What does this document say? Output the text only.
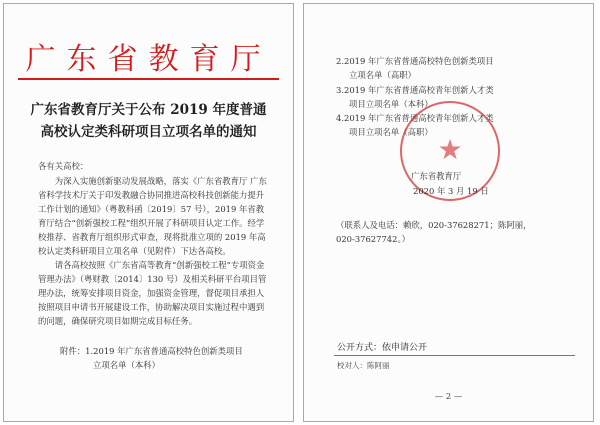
广东省教育厅
广东省教育厅关于公布 2019 年度普通
高校认定类科研项目立项名单的通知
各有关高校：
为深入实施创新驱动发展战略，落实《广东省教育厅 广东省科学技术厅关于印发教融合协同推进高校科技创新能力提升工作计划的通知》（粤教科函〔2019〕57 号），2019 年省教育厅结合“创新强校工程”组织开展了科研项目认定工作。经学校推荐、省教育厅组织形式审查，现将批准立项的 2019 年高校认定类科研项目立项名单（见附件）下达各高校。
请各高校按照《广东省高等教育“创新强校工程”专项资金管理办法》（粤财教〔2014〕130 号）及相关科研平台项目管理办法，统筹安排项目资金，加强资金管理，督促项目承担人按照项目申请书开展建设工作，协助解决项目实施过程中遇到的问题，确保研究项目如期完成目标任务。
附件：1.2019 年广东省普通高校特色创新类项目
立项名单（本科）
2.2019 年广东省普通高校特色创新类项目
立项名单（高职）
3.2019 年广东省普通高校青年创新人才类
项目立项名单（本科）
4.2019 年广东省普通高校青年创新人才类
项目立项名单（高职）
★
广东省教育厅
2020 年 3 月 19 日
（联系人及电话：赖欣，020-37628271；陈阿丽，
020-37627742。）
公开方式：依申请公开
校对人：陈阿丽
— 2 —
